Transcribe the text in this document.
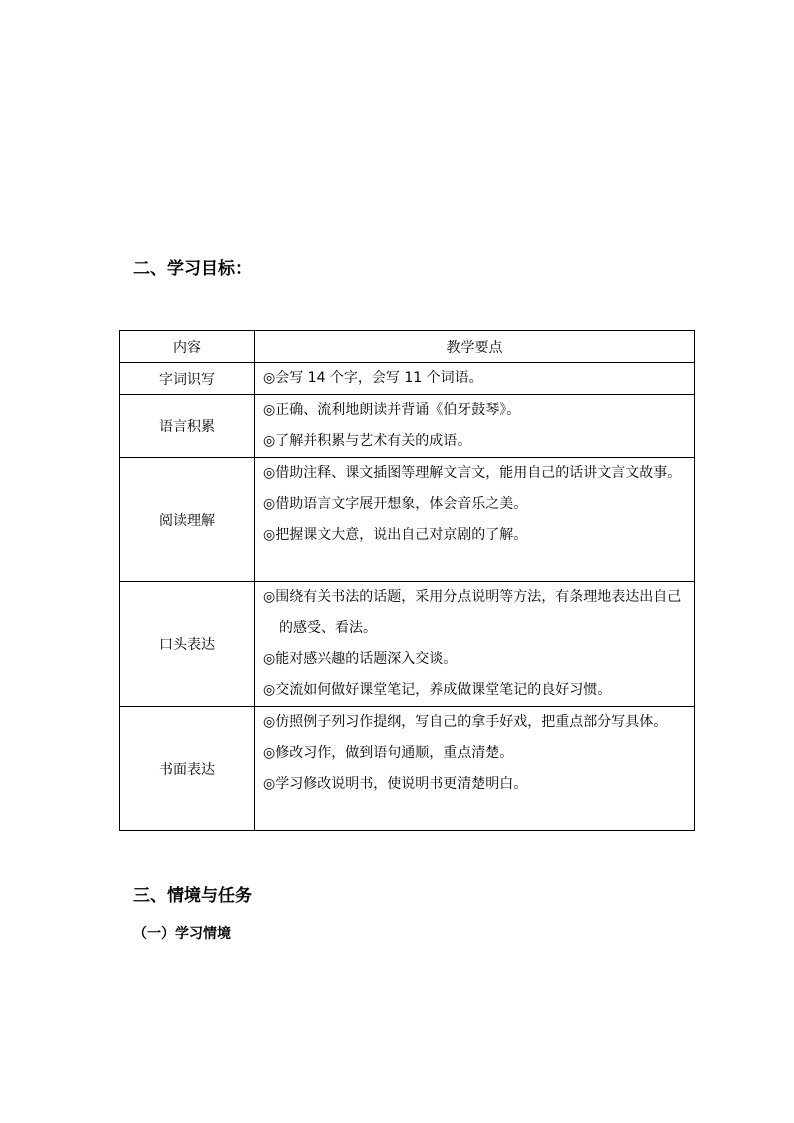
二、学习目标：
内容	教学要点
字词识写	◎会写 14 个字，会写 11 个词语。

语言积累	◎正确、流利地朗读并背诵《伯牙鼓琴》。

◎了解并积累与艺术有关的成语。

阅读理解	◎借助注释、课文插图等理解文言文，能用自己的话讲文言文故事。

◎借助语言文字展开想象，体会音乐之美。

◎把握课文大意，说出自己对京剧的了解。

口头表达	◎围绕有关书法的话题，采用分点说明等方法，有条理地表达出自己的感受、看法。

◎能对感兴趣的话题深入交谈。

◎交流如何做好课堂笔记，养成做课堂笔记的良好习惯。

书面表达	◎仿照例子列习作提纲，写自己的拿手好戏，把重点部分写具体。

◎修改习作，做到语句通顺，重点清楚。

◎学习修改说明书，使说明书更清楚明白。

三、情境与任务
（一）学习情境
